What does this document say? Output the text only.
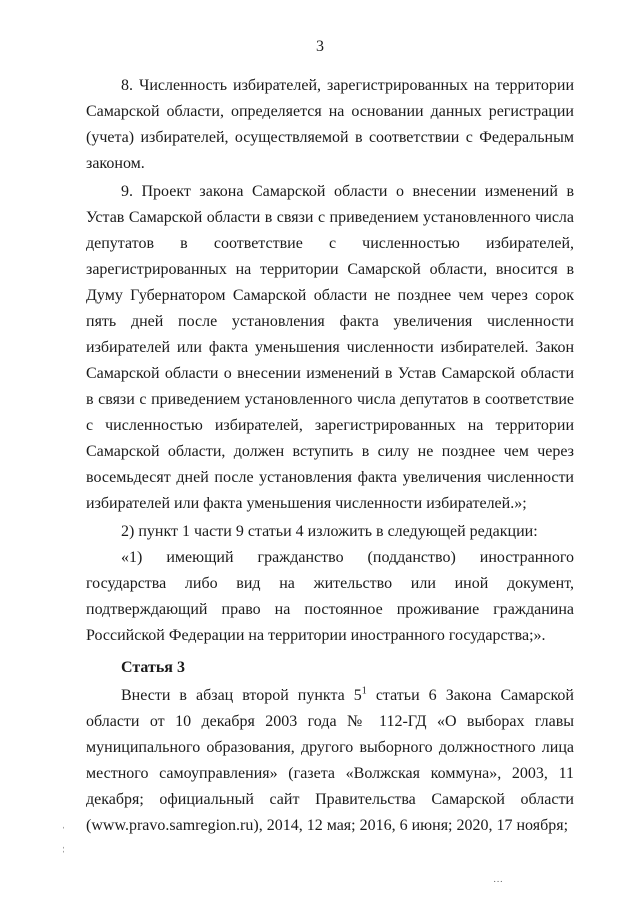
3

8. Численность избирателей, зарегистрированных на территории Самарской области, определяется на основании данных регистрации (учета) избирателей, осуществляемой в соответствии с Федеральным законом.

9. Проект закона Самарской области о внесении изменений в Устав Самарской области в связи с приведением установленного числа депутатов в соответствие с численностью избирателей, зарегистрированных на территории Самарской области, вносится в Думу Губернатором Самарской области не позднее чем через сорок пять дней после установления факта увеличения численности избирателей или факта уменьшения численности избирателей. Закон Самарской области о внесении изменений в Устав Самарской области в связи с приведением установленного числа депутатов в соответствие с численностью избирателей, зарегистрированных на территории Самарской области, должен вступить в силу не позднее чем через восемьдесят дней после установления факта увеличения численности избирателей или факта уменьшения численности избирателей.»;

2) пункт 1 части 9 статьи 4 изложить в следующей редакции:

«1) имеющий гражданство (подданство) иностранного государства либо вид на жительство или иной документ, подтверждающий право на постоянное проживание гражданина Российской Федерации на территории иностранного государства;».

Статья 3

Внести в абзац второй пункта $5^1$ статьи 6 Закона Самарской области от 10 декабря 2003 года № 112-ГД «О выборах главы муниципального образования, другого выборного должностного лица местного самоуправления» (газета «Волжская коммуна», 2003, 11 декабря; официальный сайт Правительства Самарской области (www.pravo.samregion.ru), 2014, 12 мая; 2016, 6 июня; 2020, 17 ноября;

ˌ
ˌ
ˈ
˙˙˙
